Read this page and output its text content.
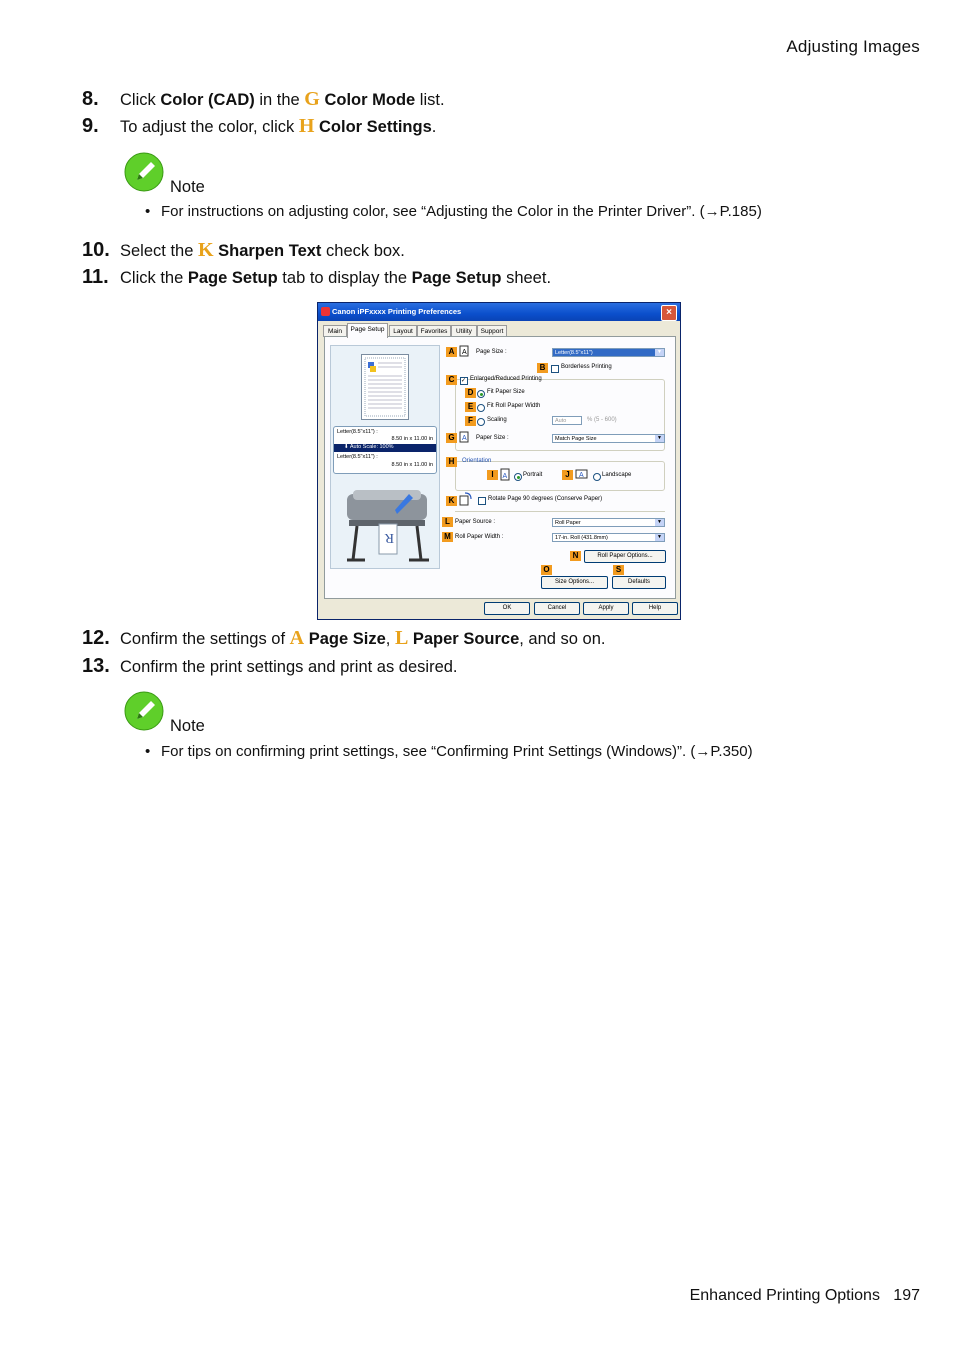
Adjusting Images
8. Click Color (CAD) in the G Color Mode list.
9. To adjust the color, click H Color Settings.
Note
• For instructions on adjusting color, see “Adjusting the Color in the Printer Driver”. (→P.185)
10. Select the K Sharpen Text check box.
11. Click the Page Setup tab to display the Page Setup sheet.
Canon iPFxxxx Printing Preferences	×
Main	Page Setup	Layout	Favorites	Utility	Support
Letter(8.5"x11") :
8.50 in x 11.00 in
⬇ Auto Scale: 100%
Letter(8.5"x11") :
8.50 in x 11.00 in
R
A	A Page Size :	Letter(8.5"x11")	▼
B	Borderless Printing
C	✓ Enlarged/Reduced Printing
D	Fit Paper Size
E	Fit Roll Paper Width
F	Scaling	Auto	% (5 - 600)
G	A Paper Size :	Match Page Size	▼
H	Orientation
I	A	Portrait	J	A	Landscape
K	Rotate Page 90 degrees (Conserve Paper)
L Paper Source :	Roll Paper	▼
M Roll Paper Width :	17-in. Roll (431.8mm)	▼
N	Roll Paper Options...
O	S
Size Options...	Defaults
OK	Cancel	Apply	Help
12. Confirm the settings of A Page Size, L Paper Source, and so on.
13. Confirm the print settings and print as desired.
Note
• For tips on confirming print settings, see “Confirming Print Settings (Windows)”. (→P.350)
Enhanced Printing Options 197
